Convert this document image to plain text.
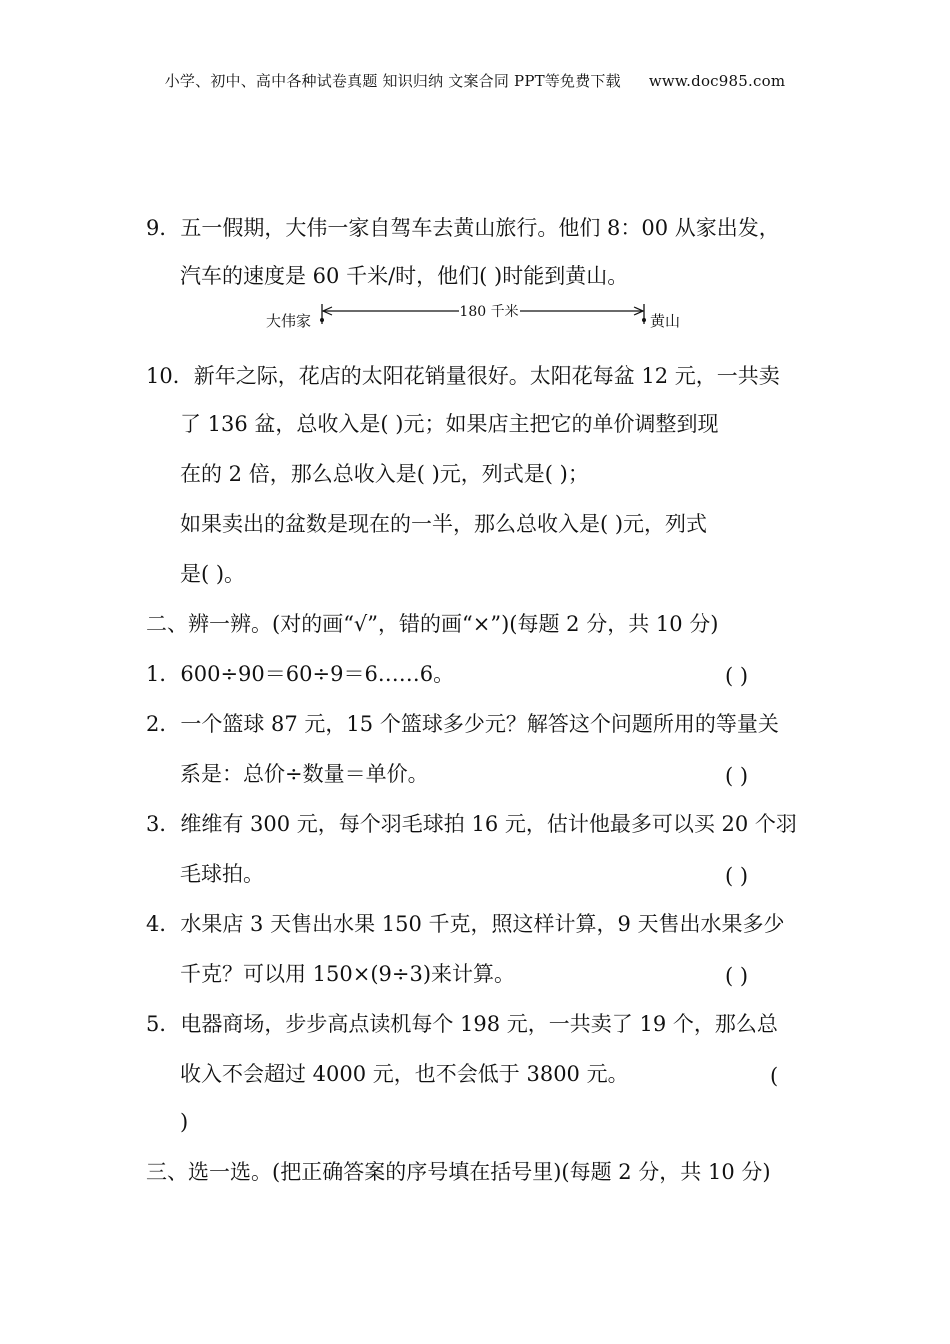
小学、初中、高中各种试卷真题 知识归纳 文案合同 PPT等免费下载 www.doc985.com
9．五一假期，大伟一家自驾车去黄山旅行。他们 8：00 从家出发，
汽车的速度是 60 千米/时，他们( )时能到黄山。
大伟家	黄山
180 千米
10．新年之际，花店的太阳花销量很好。太阳花每盆 12 元，一共卖
了 136 盆，总收入是( )元；如果店主把它的单价调整到现
在的 2 倍，那么总收入是( )元，列式是( )；
如果卖出的盆数是现在的一半，那么总收入是( )元，列式
是( )。
二、辨一辨。(对的画“√”，错的画“×”)(每题 2 分，共 10 分)
1．600÷90＝60÷9＝6……6。	( )
2．一个篮球 87 元，15 个篮球多少元？解答这个问题所用的等量关
系是：总价÷数量＝单价。	( )
3．维维有 300 元，每个羽毛球拍 16 元，估计他最多可以买 20 个羽
毛球拍。	( )
4．水果店 3 天售出水果 150 千克，照这样计算，9 天售出水果多少
千克？可以用 150×(9÷3)来计算。	( )
5．电器商场，步步高点读机每个 198 元，一共卖了 19 个，那么总
收入不会超过 4000 元，也不会低于 3800 元。	(
)
三、选一选。(把正确答案的序号填在括号里)(每题 2 分，共 10 分)
